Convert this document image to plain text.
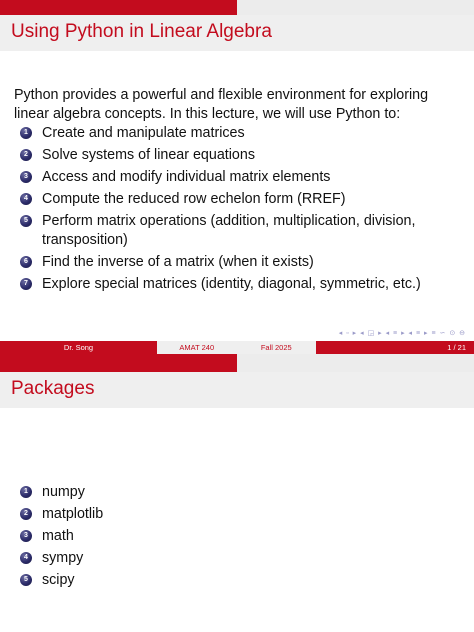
Using Python in Linear Algebra

Python provides a powerful and flexible environment for exploring linear algebra concepts. In this lecture, we will use Python to:

1 Create and manipulate matrices
2 Solve systems of linear equations
3 Access and modify individual matrix elements
4 Compute the reduced row echelon form (RREF)
5 Perform matrix operations (addition, multiplication, division, transposition)
6 Find the inverse of a matrix (when it exists)
7 Explore special matrices (identity, diagonal, symmetric, etc.)
◂ ▫ ▸ ◂ ◲ ▸ ◂ ≡ ▸ ◂ ≡ ▸ ≡ ∽ ⊙ ⊖
Dr. Song	AMAT 240	Fall 2025	1 / 21
Packages
1 numpy
2 matplotlib
3 math
4 sympy
5 scipy
